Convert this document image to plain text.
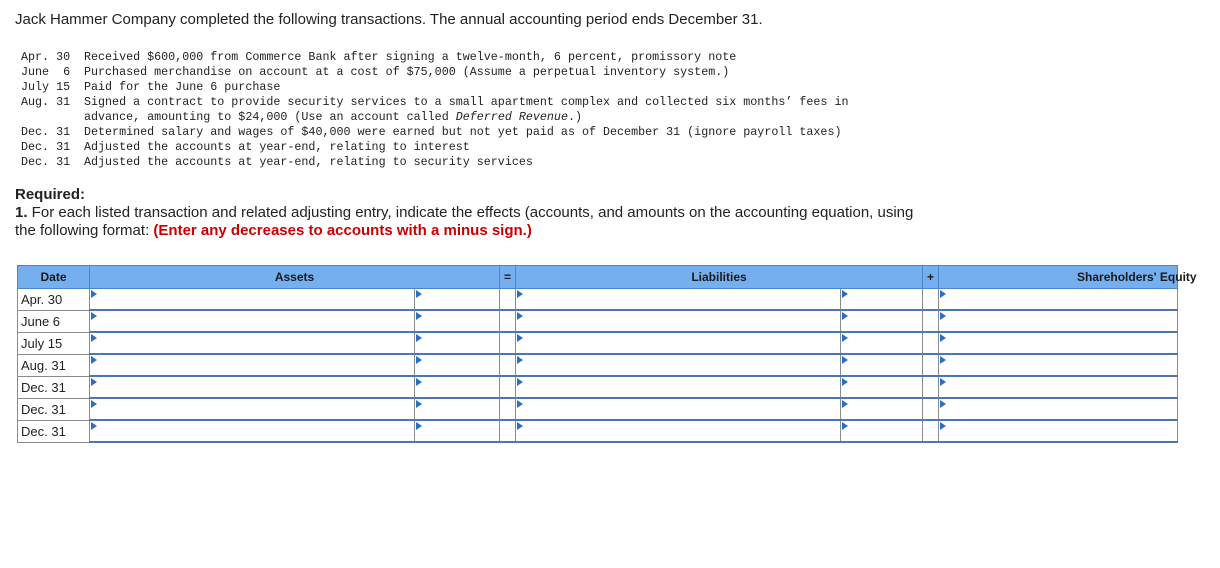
Jack Hammer Company completed the following transactions. The annual accounting period ends December 31.

Apr. 30	Received $600,000 from Commerce Bank after signing a twelve-month, 6 percent, promissory note
June  6	Purchased merchandise on account at a cost of $75,000 (Assume a perpetual inventory system.)
July 15	Paid for the June 6 purchase
Aug. 31	Signed a contract to provide security services to a small apartment complex and collected six months’ fees in
advance, amounting to $24,000 (Use an account called Deferred Revenue.)
Dec. 31	Determined salary and wages of $40,000 were earned but not yet paid as of December 31 (ignore payroll taxes)
Dec. 31	Adjusted the accounts at year-end, relating to interest
Dec. 31	Adjusted the accounts at year-end, relating to security services

Required:

1. For each listed transaction and related adjusting entry, indicate the effects (accounts, and amounts on the accounting equation, using the following format: (Enter any decreases to accounts with a minus sign.)

Date	Assets		=	Liabilities		+	Shareholders' Equity
Apr. 30	

June 6	

July 15	

Aug. 31	

Dec. 31	

Dec. 31	

Dec. 31	
